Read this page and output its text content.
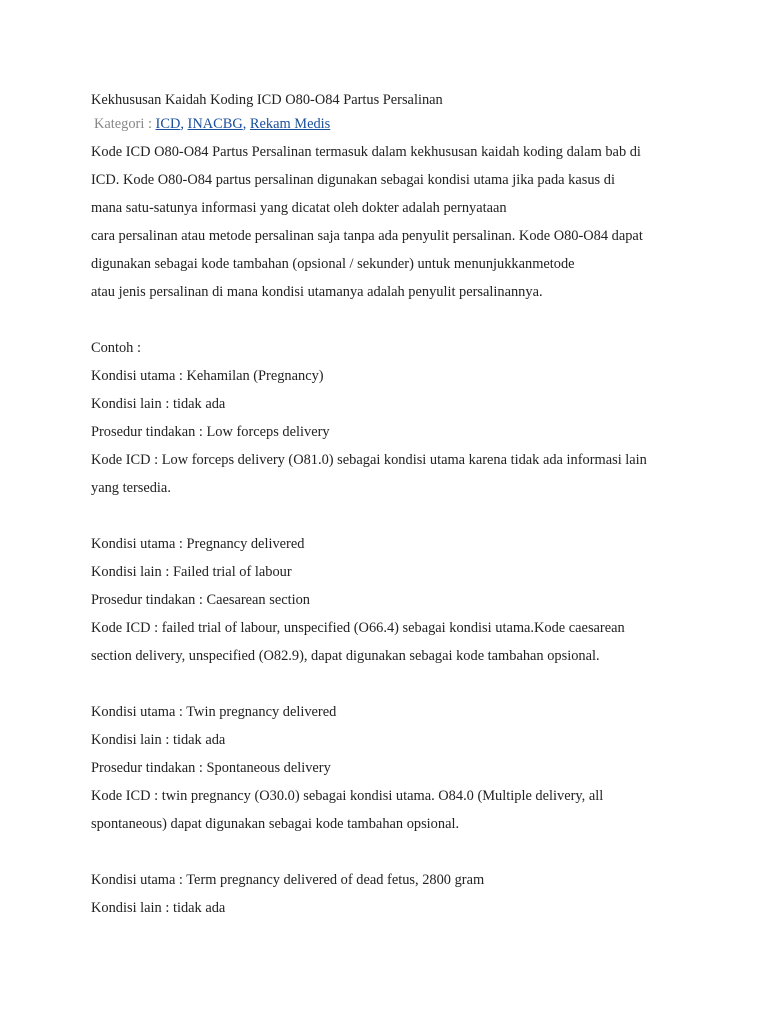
Kekhususan Kaidah Koding ICD O80-O84 Partus Persalinan
Kategori : ICD, INACBG, Rekam Medis
Kode ICD O80-O84 Partus Persalinan termasuk dalam kekhususan kaidah koding dalam bab di
ICD. Kode O80-O84 partus persalinan digunakan sebagai kondisi utama jika pada kasus di
mana satu-satunya informasi yang dicatat oleh dokter adalah pernyataan
cara persalinan atau metode persalinan saja tanpa ada penyulit persalinan. Kode O80-O84 dapat
digunakan sebagai kode tambahan (opsional / sekunder) untuk menunjukkanmetode
atau jenis persalinan di mana kondisi utamanya adalah penyulit persalinannya.
Contoh :
Kondisi utama : Kehamilan (Pregnancy)
Kondisi lain : tidak ada
Prosedur tindakan : Low forceps delivery
Kode ICD : Low forceps delivery (O81.0) sebagai kondisi utama karena tidak ada informasi lain
yang tersedia.
Kondisi utama : Pregnancy delivered
Kondisi lain : Failed trial of labour
Prosedur tindakan : Caesarean section
Kode ICD : failed trial of labour, unspecified (O66.4) sebagai kondisi utama.Kode caesarean
section delivery, unspecified (O82.9), dapat digunakan sebagai kode tambahan opsional.
Kondisi utama : Twin pregnancy delivered
Kondisi lain : tidak ada
Prosedur tindakan : Spontaneous delivery
Kode ICD : twin pregnancy (O30.0) sebagai kondisi utama. O84.0 (Multiple delivery, all
spontaneous) dapat digunakan sebagai kode tambahan opsional.
Kondisi utama : Term pregnancy delivered of dead fetus, 2800 gram
Kondisi lain : tidak ada
